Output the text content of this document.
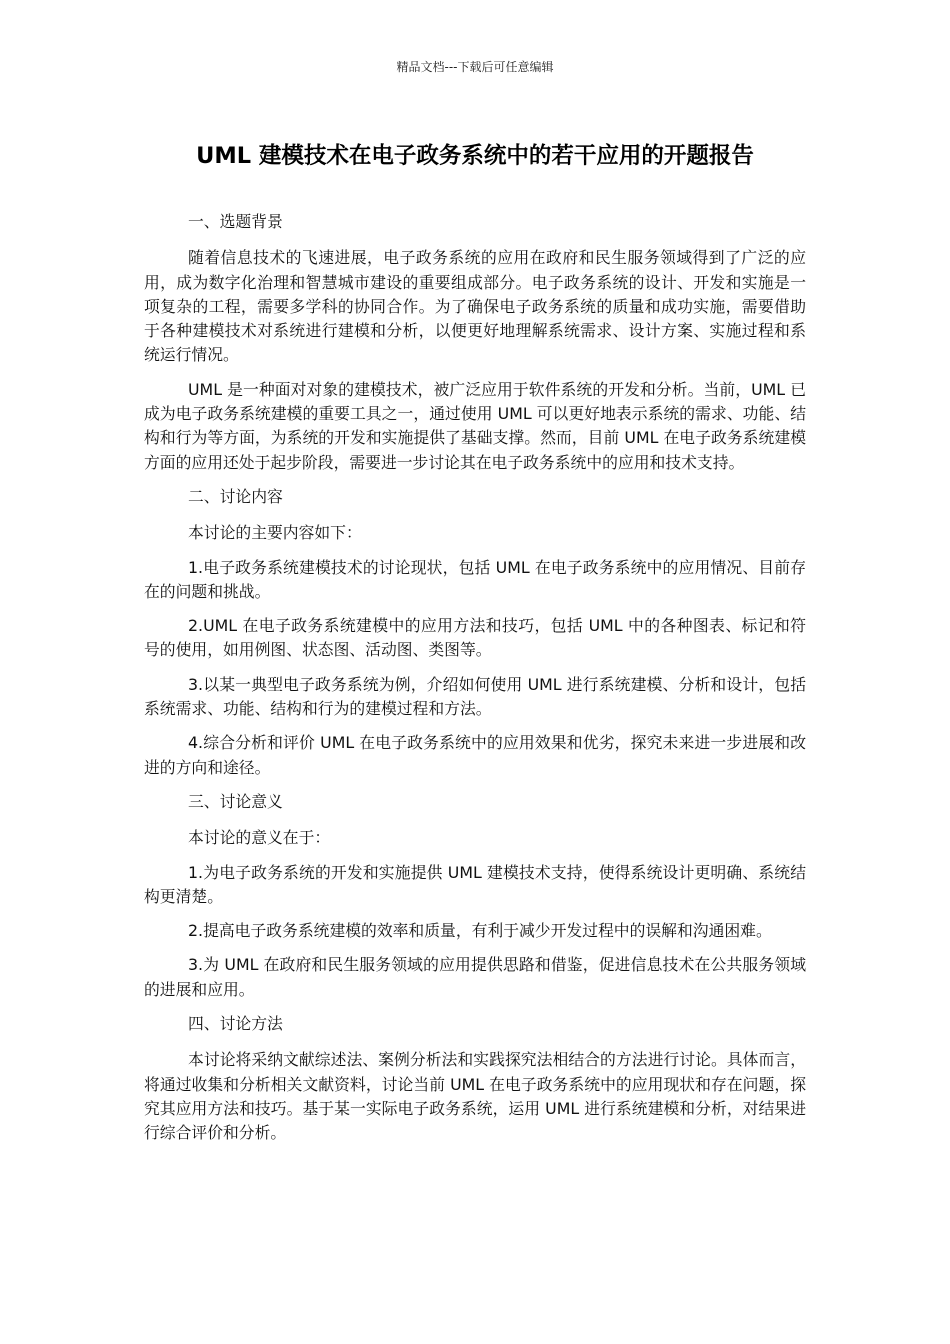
精品文档---下载后可任意编辑
UML 建模技术在电子政务系统中的若干应用的开题报告

一、选题背景

随着信息技术的飞速进展，电子政务系统的应用在政府和民生服务领域得到了广泛的应用，成为数字化治理和智慧城市建设的重要组成部分。电子政务系统的设计、开发和实施是一项复杂的工程，需要多学科的协同合作。为了确保电子政务系统的质量和成功实施，需要借助于各种建模技术对系统进行建模和分析，以便更好地理解系统需求、设计方案、实施过程和系统运行情况。

UML 是一种面对对象的建模技术，被广泛应用于软件系统的开发和分析。当前，UML 已成为电子政务系统建模的重要工具之一，通过使用 UML 可以更好地表示系统的需求、功能、结构和行为等方面，为系统的开发和实施提供了基础支撑。然而，目前 UML 在电子政务系统建模方面的应用还处于起步阶段，需要进一步讨论其在电子政务系统中的应用和技术支持。

二、讨论内容

本讨论的主要内容如下：

1.电子政务系统建模技术的讨论现状，包括 UML 在电子政务系统中的应用情况、目前存在的问题和挑战。

2.UML 在电子政务系统建模中的应用方法和技巧，包括 UML 中的各种图表、标记和符号的使用，如用例图、状态图、活动图、类图等。

3.以某一典型电子政务系统为例，介绍如何使用 UML 进行系统建模、分析和设计，包括系统需求、功能、结构和行为的建模过程和方法。

4.综合分析和评价 UML 在电子政务系统中的应用效果和优劣，探究未来进一步进展和改进的方向和途径。

三、讨论意义

本讨论的意义在于：

1.为电子政务系统的开发和实施提供 UML 建模技术支持，使得系统设计更明确、系统结构更清楚。

2.提高电子政务系统建模的效率和质量，有利于减少开发过程中的误解和沟通困难。

3.为 UML 在政府和民生服务领域的应用提供思路和借鉴，促进信息技术在公共服务领域的进展和应用。

四、讨论方法

本讨论将采纳文献综述法、案例分析法和实践探究法相结合的方法进行讨论。具体而言，将通过收集和分析相关文献资料，讨论当前 UML 在电子政务系统中的应用现状和存在问题，探究其应用方法和技巧。基于某一实际电子政务系统，运用 UML 进行系统建模和分析，对结果进行综合评价和分析。
